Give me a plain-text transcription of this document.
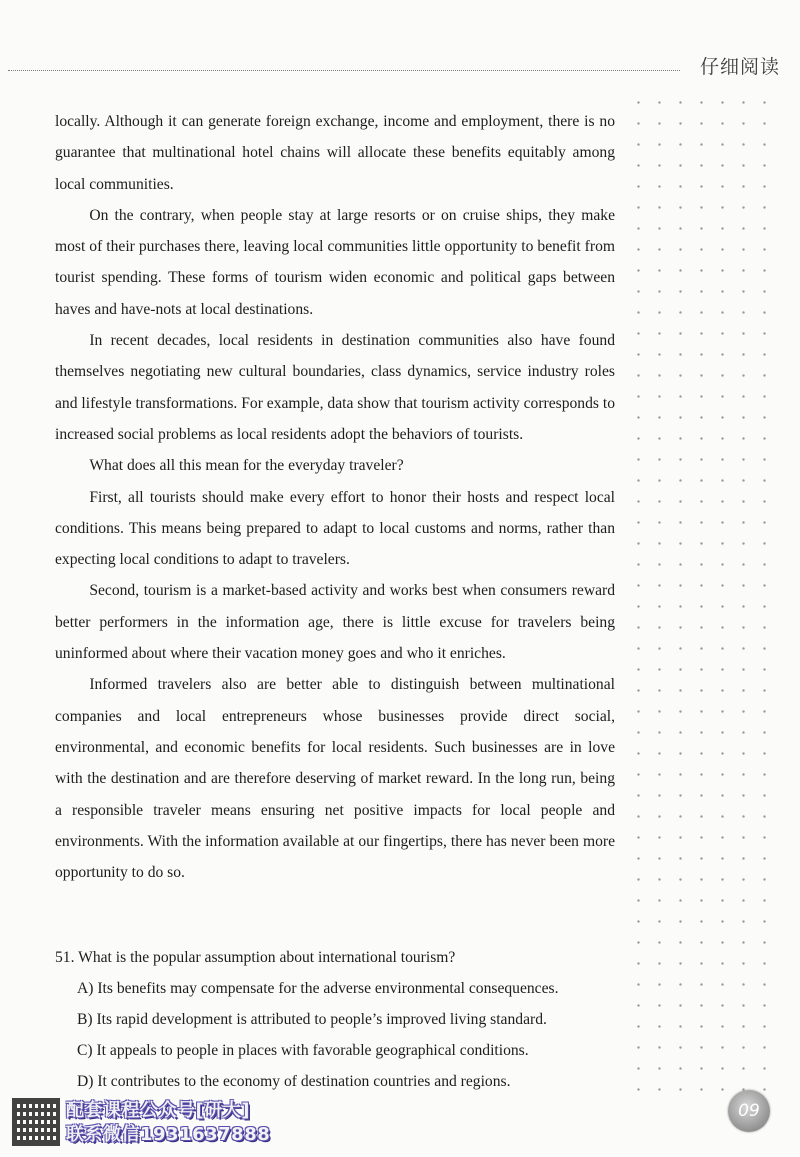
仔细阅读

locally. Although it can generate foreign exchange, income and employment, there is no guarantee that multinational hotel chains will allocate these benefits equitably among local communities.

On the contrary, when people stay at large resorts or on cruise ships, they make most of their purchases there, leaving local communities little opportunity to benefit from tourist spending. These forms of tourism widen economic and political gaps between haves and have-nots at local destinations.

In recent decades, local residents in destination communities also have found themselves negotiating new cultural boundaries, class dynamics, service industry roles and lifestyle transformations. For example, data show that tourism activity corresponds to increased social problems as local residents adopt the behaviors of tourists.

What does all this mean for the everyday traveler?

First, all tourists should make every effort to honor their hosts and respect local conditions. This means being prepared to adapt to local customs and norms, rather than expecting local conditions to adapt to travelers.

Second, tourism is a market-based activity and works best when consumers reward better performers in the information age, there is little excuse for travelers being uninformed about where their vacation money goes and who it enriches.

Informed travelers also are better able to distinguish between multinational companies and local entrepreneurs whose businesses provide direct social, environmental, and economic benefits for local residents. Such businesses are in love with the destination and are therefore deserving of market reward. In the long run, being a responsible traveler means ensuring net positive impacts for local people and environments. With the information available at our fingertips, there has never been more opportunity to do so.

51. What is the popular assumption about international tourism?

A) Its benefits may compensate for the adverse environmental consequences.
B) Its rapid development is attributed to people’s improved living standard.
C) It appeals to people in places with favorable geographical conditions.
D) It contributes to the economy of destination countries and regions.
配套课程公众号[研大]
联系微信1931637888
09
